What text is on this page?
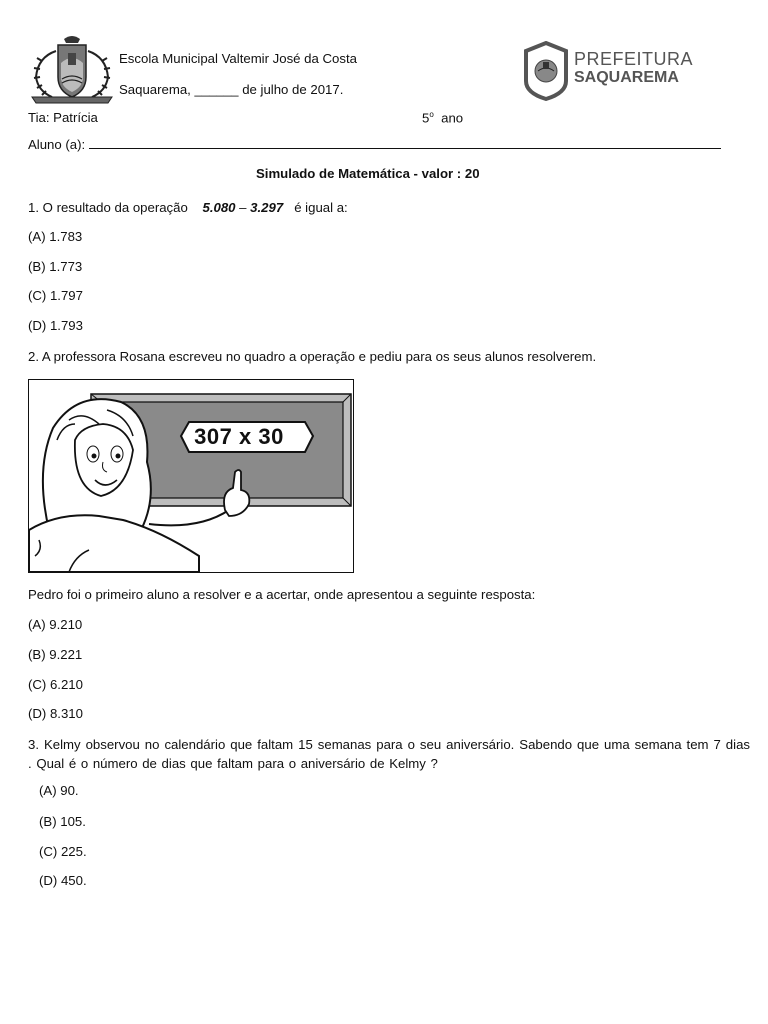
Escola Municipal Valtemir José da Costa
Saquarema, ______ de julho de 2017.
PREFEITURA
SAQUAREMA
Tia: Patrícia	5$^o$ ano
Aluno (a):
Simulado de Matemática - valor : 20
1. O resultado da operação 5.080 – 3.297 é igual a:
(A) 1.783
(B) 1.773
(C) 1.797
(D) 1.793
2. A professora Rosana escreveu no quadro a operação e pediu para os seus alunos resolverem.
307 x 30
Pedro foi o primeiro aluno a resolver e a acertar, onde apresentou a seguinte resposta:
(A) 9.210
(B) 9.221
(C) 6.210
(D) 8.310
3. Kelmy observou no calendário que faltam 15 semanas para o seu aniversário. Sabendo que uma semana tem 7 dias . Qual é o número de dias que faltam para o aniversário de Kelmy ?
(A) 90.
(B) 105.
(C) 225.
(D) 450.
